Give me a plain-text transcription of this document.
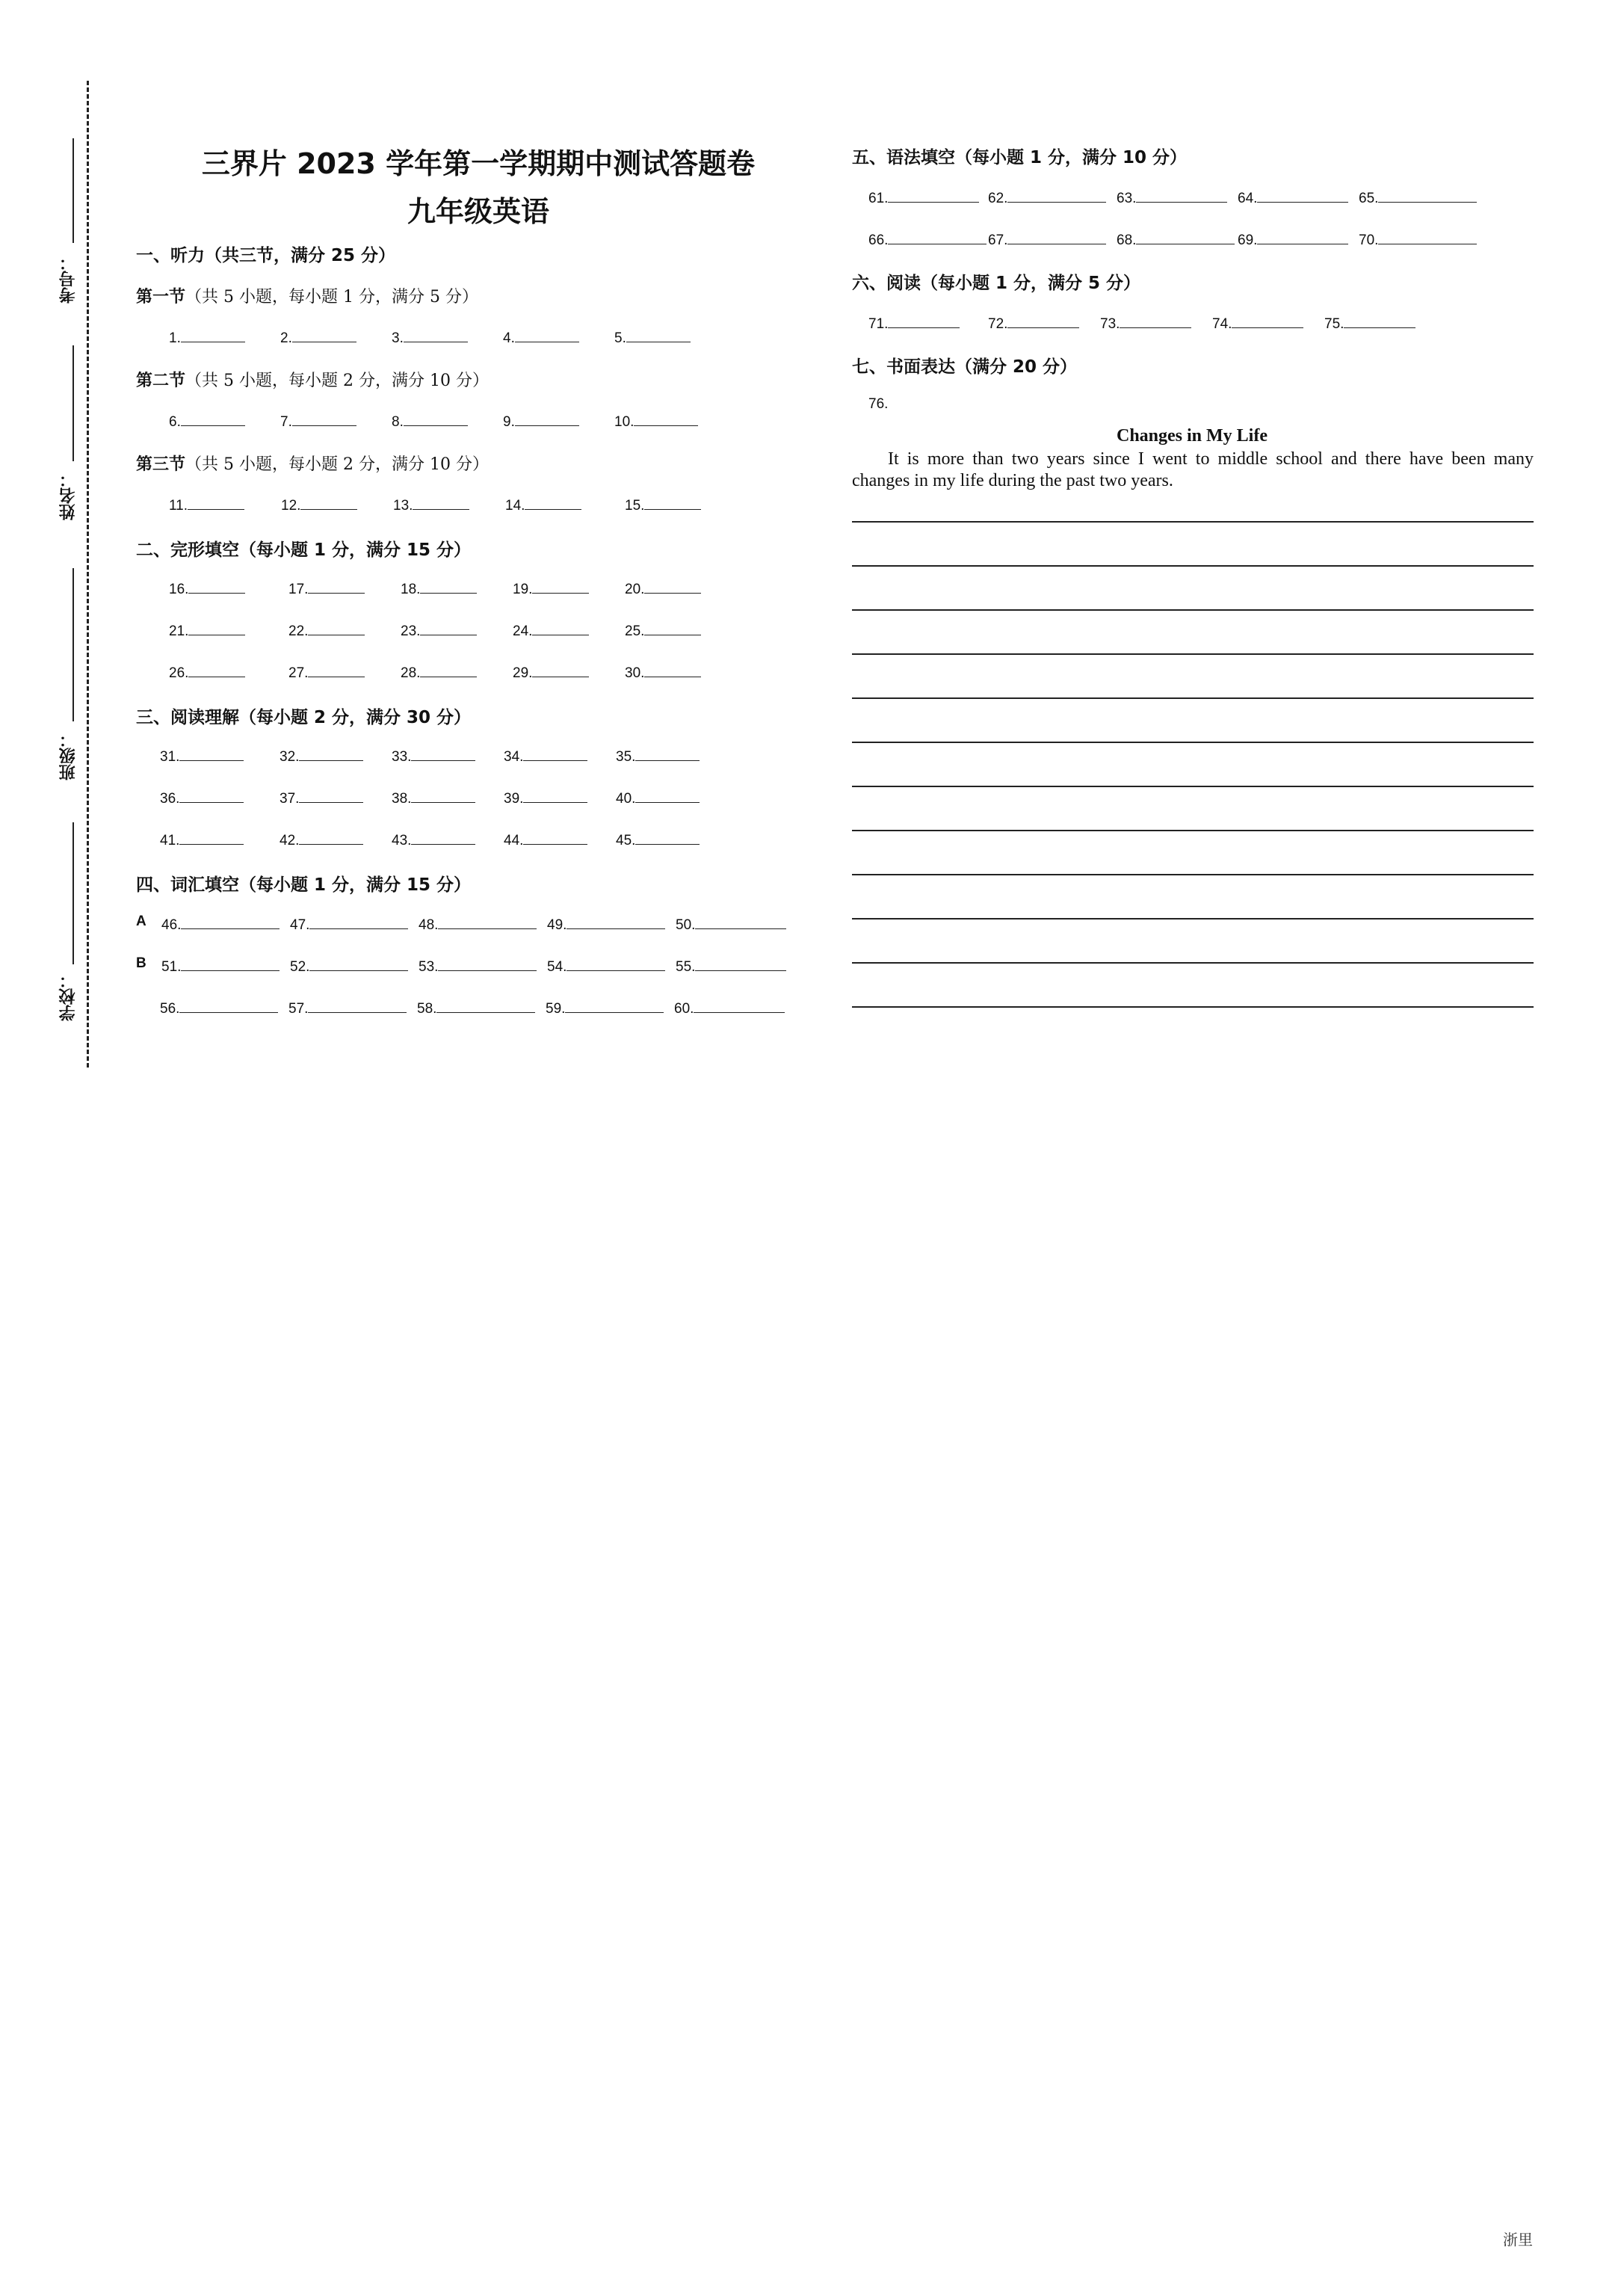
考号：
姓名：
班级：
学校：
三界片 2023 学年第一学期期中测试答题卷
九年级英语
一、听力（共三节，满分 25 分）
第一节（共 5 小题，每小题 1 分，满分 5 分）
1.	2.	3.	4.	5.
第二节（共 5 小题，每小题 2 分，满分 10 分）
6.	7.	8.	9.	10.
第三节（共 5 小题，每小题 2 分，满分 10 分）
11.	12.	13.	14.	15.
二、完形填空（每小题 1 分，满分 15 分）
16.	17.	18.	19.	20.
21.	22.	23.	24.	25.
26.	27.	28.	29.	30.
三、阅读理解（每小题 2 分，满分 30 分）
31.	32.	33.	34.	35.
36.	37.	38.	39.	40.
41.	42.	43.	44.	45.
四、词汇填空（每小题 1 分，满分 15 分）
A 46.	47.	48.	49.	50.
B 51.	52.	53.	54.	55.
56.	57.	58.	59.	60.
五、语法填空（每小题 1 分，满分 10 分）
61.	62.	63.	64.	65.
66.	67.	68.	69.	70.
六、阅读（每小题 1 分，满分 5 分）
71.	72.	73.	74.	75.
七、书面表达（满分 20 分）
76.
Changes in My Life
It is more than two years since I went to middle school and there have been many changes in my life during the past two years.
浙里
